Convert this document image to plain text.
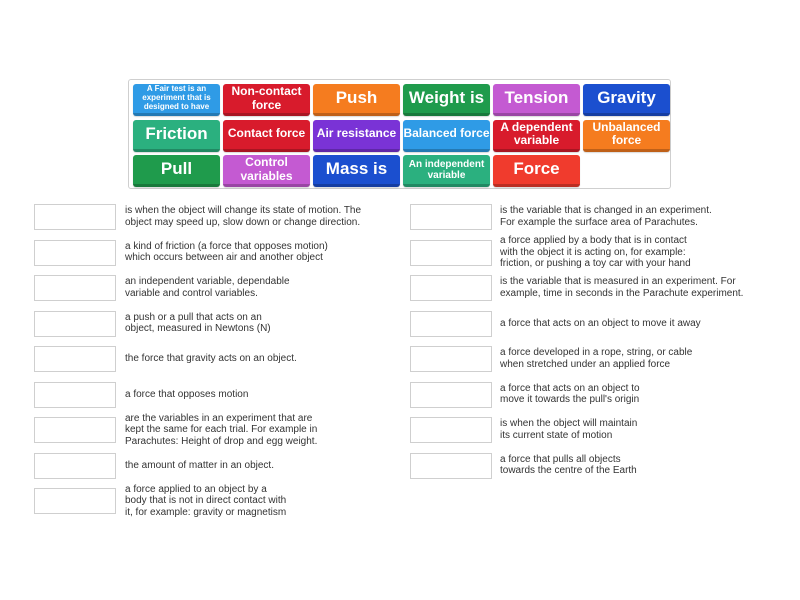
A Fair test is an experiment that is designed to have
Non-contact force	Push	Weight is	Tension	Gravity
Friction	Contact force Air resistance Balanced force A dependent variable
Unbalanced force
Pull	Control variables	Mass is	An independent variable	Force
is when the object will change its state of motion. The
object may speed up, slow down or change direction.
a kind of friction (a force that opposes motion)
which occurs between air and another object
an independent variable, dependable
variable and control variables.
a push or a pull that acts on an
object, measured in Newtons (N)
the force that gravity acts on an object.
a force that opposes motion
are the variables in an experiment that are
kept the same for each trial. For example in
Parachutes: Height of drop and egg weight.
the amount of matter in an object.
a force applied to an object by a
body that is not in direct contact with
it, for example: gravity or magnetism
is the variable that is changed in an experiment.
For example the surface area of Parachutes.
a force applied by a body that is in contact
with the object it is acting on, for example:
friction, or pushing a toy car with your hand
is the variable that is measured in an experiment. For
example, time in seconds in the Parachute experiment.
a force that acts on an object to move it away
a force developed in a rope, string, or cable
when stretched under an applied force
a force that acts on an object to
move it towards the pull's origin
is when the object will maintain
its current state of motion
a force that pulls all objects
towards the centre of the Earth
